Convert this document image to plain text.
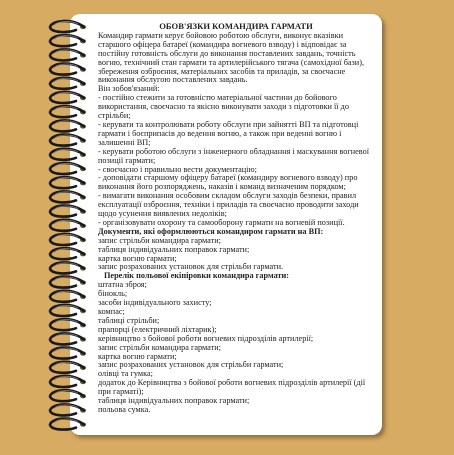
ОБОВ'ЯЗКИ КОМАНДИРА ГАРМАТИ

Командир гармати керує бойовою роботою обслуги, виконує вказівки старшого офіцера батареї (командира вогневого взводу) і відповідає за постійну готовність обслуги до виконання поставлених завдань, точність вогню, технічний стан гармати та артилерійського тягача (самохідної бази), збереження озброєння, матеріальних засобів та приладів, за своєчасне виконання обслугою поставлених завдань.

Він зобов'язаний:

- постійно стежити за готовністю матеріальної частини до бойового використання, своєчасно та якісно виконувати заходи з підготовки її до стрільби;

- керувати та контролювати роботу обслуги при зайнятті ВП та підготовці гармати і боєприпасів до ведення вогню, а також при веденні вогню і залишенні ВП;

- керувати роботою обслуги з інженерного обладнання і маскування вогневої позиції гармати;

- своєчасно і правильно вести документацію;

- доповідати старшому офіцеру батареї (командиру вогневого взводу) про виконання його розпоряджень, наказів і команд визначеним порядком;

- вимагати виконання особовим складом обслуги заходів безпеки, правил експлуатації озброєння, техніки і приладів та своєчасно проводити заходи щодо усунення виявлених недоліків;

- організовувати охорону та самооборону гармати на вогневій позиції.

Документи, які оформлюються командиром гармати на ВП:

запис стрільби командира гармати;

таблиця індивідуальних поправок гармати;

картка вогню гармати;

запис розрахованих установок для стрільби гармати.

Перелік польової екіпіровки командира гармати:

штатна зброя;

бінокль;

засоби індивідуального захисту;

компас;

таблиці стрільби;

прапорці (електричний ліхтарик);

керівництво з бойової роботи вогневих підрозділів артилерії;

запис стрільби командира гармати;

картка вогню гармати;

запис розрахованих установок для стрільби гармати;

олівці та гумка;

додаток до Керівництва з бойової роботи вогневих підрозділів артилерії (дії при гарматі);

таблиця індивідуальних поправок гармати;

польова сумка.
